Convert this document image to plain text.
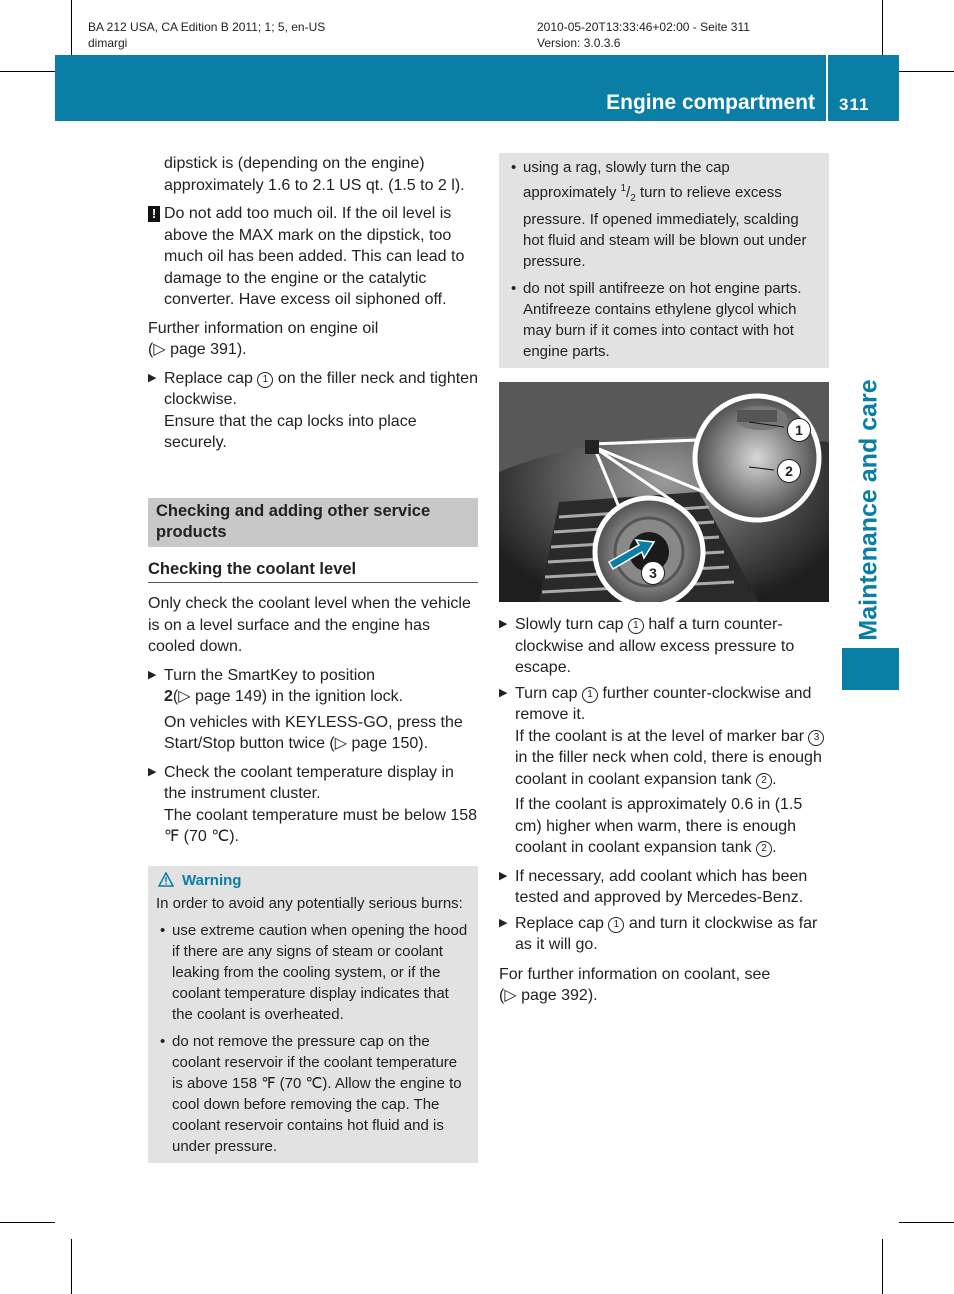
BA 212 USA, CA Edition B 2011; 1; 5, en-US
dimargi
2010-05-20T13:33:46+02:00 - Seite 311
Version: 3.0.3.6
Engine compartment 311
Maintenance and care

dipstick is (depending on the engine) approximately 1.6 to 2.1 US qt. (1.5 to 2 l).

! Do not add too much oil. If the oil level is above the MAX mark on the dipstick, too much oil has been added. This can lead to damage to the engine or the catalytic converter. Have excess oil siphoned off.

Further information on engine oil
(▷ page 391).

▶ Replace cap 1 on the filler neck and tighten clockwise.
Ensure that the cap locks into place securely.
Checking and adding other service products
Checking the coolant level

Only check the coolant level when the vehicle is on a level surface and the engine has cooled down.

▶ Turn the SmartKey to position
2(▷ page 149) in the ignition lock.

On vehicles with KEYLESS-GO, press the Start/Stop button twice (▷ page 150).

▶ Check the coolant temperature display in the instrument cluster.
The coolant temperature must be below 158 ℉ (70 ℃).
Warning
In order to avoid any potentially serious burns:
• use extreme caution when opening the hood if there are any signs of steam or coolant leaking from the cooling system, or if the coolant temperature display indicates that the coolant is overheated.
• do not remove the pressure cap on the coolant reservoir if the coolant temperature is above 158 ℉ (70 ℃). Allow the engine to cool down before removing the cap. The coolant reservoir contains hot fluid and is under pressure.
• using a rag, slowly turn the cap approximately $^1/_2$ turn to relieve excess pressure. If opened immediately, scalding hot fluid and steam will be blown out under pressure.
• do not spill antifreeze on hot engine parts. Antifreeze contains ethylene glycol which may burn if it comes into contact with hot engine parts.
1
2
3
P20.30-2313-31
▶ Slowly turn cap 1 half a turn counter-clockwise and allow excess pressure to escape.
▶ Turn cap 1 further counter-clockwise and remove it.
If the coolant is at the level of marker bar 3 in the filler neck when cold, there is enough coolant in coolant expansion tank 2 .

If the coolant is approximately 0.6 in (1.5 cm) higher when warm, there is enough coolant in coolant expansion tank 2 .

▶ If necessary, add coolant which has been tested and approved by Mercedes-Benz.
▶ Replace cap 1 and turn it clockwise as far as it will go.

For further information on coolant, see
(▷ page 392).
